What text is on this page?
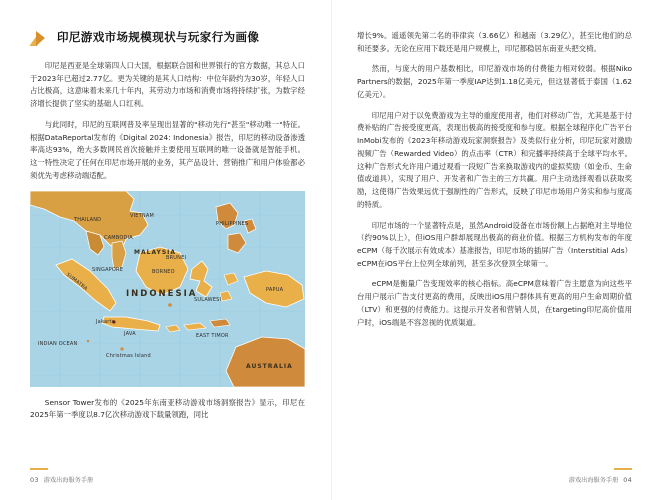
印尼游戏市场规模现状与玩家行为画像

印尼是西亚是全球第四人口大国，根据联合国和世界银行的官方数据，其总人口于2023年已超过2.77亿。更为关键的是其人口结构：中位年龄约为30岁，年轻人口占比极高，这意味着未来几十年内，其劳动力市场和消费市场将持续扩张，为数字经济增长提供了坚实的基础人口红利。

与此同时，印尼的互联网普及率呈现出显著的"移动先行"甚至"移动唯一"特征。根据DataReportal发布的《Digital 2024: Indonesia》报告，印尼的移动设备渗透率高达93%，绝大多数网民首次接触并主要使用互联网的唯一设备就是智能手机。这一特性决定了任何在印尼市场开展的业务，其产品设计、营销推广和用户体验都必须优先考虑移动端适配。

INDONESIA
MALAYSIA
SUMATRA	BORNEO
JAVA
SULAWESI
PAPUA
Jakarta
EAST TIMOR
Christmas Island
INDIAN OCEAN
PHILIPPINES
THAILAND
VIETNAM
CAMBODIA
SINGAPORE
BRUNEI
AUSTRALIA

Sensor Tower发布的《2025年东南亚移动游戏市场洞察报告》显示，印尼在2025年第一季度以8.7亿次移动游戏下载量领跑，同比

03 游戏出海服务手册

增长9%。遥遥领先第二名的菲律宾（3.66亿）和越南（3.29亿），甚至比他们的总和还要多。无论在应用下载还是用户规模上，印尼都稳居东南亚头把交椅。

然而，与庞大的用户基数相比，印尼游戏市场的付费能力相对较弱。根据Niko Partners的数据，2025年第一季度IAP达到1.18亿美元，但这显著低于泰国（1.62亿美元）。

印尼用户对于以免费游戏为主导的重度使用者，他们对移动广告，尤其是基于付费补贴的广告接受度更高，表现出极高的接受度和参与度。根据全球程序化广告平台InMobi发布的《2023年移动游戏玩家洞察报告》及类似行业分析，印尼玩家对激励视频广告（Rewarded Video）的点击率（CTR）和完播率持续高于全球平均水平。这种广告形式允许用户通过观看一段短广告来换取游戏内的虚拟奖励（如金币、生命值或道具），实现了用户、开发者和广告主的三方共赢。用户主动选择观看以获取奖励，这使得广告效果远优于强制性的广告形式，反映了印尼市场用户务实和参与度高的特质。

印尼市场的一个显著特点是，虽然Android设备在市场份额上占据绝对主导地位（约90%以上），但iOS用户群却展现出极高的商业价值。根据三方机构发布的年度eCPM（每千次展示有效成本）基准报告，印尼市场的插屏广告（Interstitial Ads）eCPM在iOS平台上位列全球前列，甚至多次登顶全球第一。

eCPM是衡量广告变现效率的核心指标。高eCPM意味着广告主愿意为向这些平台用户展示广告支付更高的费用，反映出iOS用户群体具有更高的用户生命周期价值（LTV）和更强的付费能力。这提示开发者和营销人员，在targeting印尼高价值用户时，iOS端是不容忽视的优质渠道。

游戏出海服务手册 04
